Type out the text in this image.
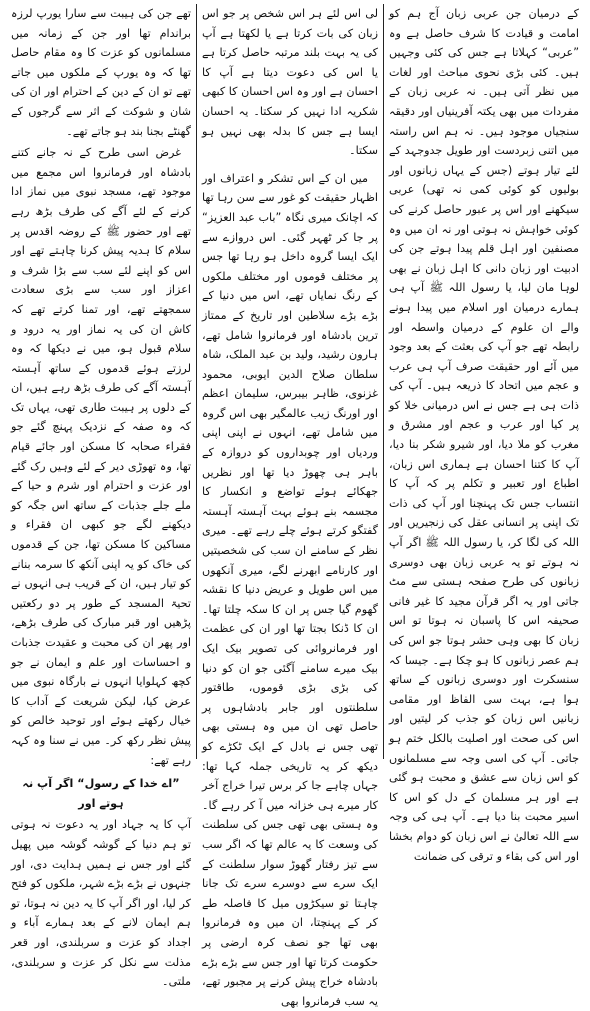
کے درمیان جن عربی زبان آج ہم کو امامت و قیادت کا شرف حاصل ہے وہ ”عربی“ کہلاتا ہے جس کی کئی وجہیں ہیں۔ کئی بڑی نحوی مباحث اور لغات میں نظر آتی ہیں۔ نہ عربی زبان کے مفردات میں بھی یکتہ آفرینیاں اور دقیقہ سنجیاں موجود ہیں۔ نہ ہم اس راستہ میں اتنی زبردست اور طویل جدوجہد کے لئے تیار ہوتے (جس کے یہاں زبانوں اور بولیوں کو کوئی کمی نہ تھی) عربی سیکھنے اور اس پر عبور حاصل کرنے کی کوئی خواہش نہ ہوتی اور نہ ان میں وہ مصنفین اور اہل قلم پیدا ہوتے جن کی ادبیت اور زبان دانی کا اہل زبان نے بھی لوہا مان لیا، یا رسول اللہ ﷺ آپ ہی ہمارے درمیان اور اسلام میں پیدا ہونے والے ان علوم کے درمیان واسطہ اور رابطہ تھے جو آپ کی بعثت کے بعد وجود میں آئے اور حقیقت صرف آپ ہی عرب و عجم میں اتحاد کا ذریعہ ہیں۔ آپ کی ذات ہی ہے جس نے اس درمیانی خلا کو پر کیا اور عرب و عجم اور مشرق و مغرب کو ملا دیا، اور شیرو شکر بنا دیا، آپ کا کتنا احسان ہے ہماری اس زبان، اطباع اور تعبیر و تکلم پر کہ آپ کا انتساب جس تک پہنچنا اور آپ کی ذات تک اپنی پر انسانی عقل کی زنجیریں اور اللہ کی لگا کر، یا رسول اللہ ﷺ اگر آپ نہ ہوتے تو یہ عربی زبان بھی دوسری زبانوں کی طرح صفحہ ہستی سے مٹ جاتی اور یہ اگر قرآن مجید کا غیر فانی صحیفہ اس کا پاسبان نہ ہوتا تو اس زبان کا بھی وہی حشر ہوتا جو اس کی ہم عصر زبانوں کا ہو چکا ہے۔ جیسا کہ سنسکرت اور دوسری زبانوں کے ساتھ ہوا ہے، بہت سی الفاظ اور مقامی زبانیں اس زبان کو جذب کر لیتیں اور اس کی صحت اور اصلیت بالکل ختم ہو جاتی۔ آپ کی اسی وجہ سے مسلمانوں کو اس زبان سے عشق و محبت ہو گئی ہے اور ہر مسلمان کے دل کو اس کا اسیر محبت بنا دیا ہے۔ آپ ہی کی وجہ سے اللہ تعالیٰ نے اس زبان کو دوام بخشا اور اس کی بقاء و ترقی کی ضمانت

لی اس لئے ہر اس شخص پر جو اس زبان کی بات کرتا ہے یا لکھتا ہے آپ کی یہ بہت بلند مرتبہ حاصل کرتا ہے یا اس کی دعوت دیتا ہے آپ کا احسان ہے اور وہ اس احسان کا کبھی شکریہ ادا نہیں کر سکتا۔ یہ احسان ایسا ہے جس کا بدلہ بھی نہیں ہو سکتا۔

میں ان کے اس تشکر و اعتراف اور اظہار حقیقت کو غور سے سن رہا تھا کہ اچانک میری نگاہ ”باب عبد العزیز“ پر جا کر ٹھہر گئی۔ اس دروازے سے ایک ایسا گروہ داخل ہو رہا تھا جس پر مختلف قوموں اور مختلف ملکوں کے رنگ نمایاں تھے، اس میں دنیا کے بڑے بڑے سلاطین اور تاریخ کے ممتاز ترین بادشاہ اور فرمانروا شامل تھے، ہارون رشید، ولید بن عبد الملک، شاہ سلطان صلاح الدین ایوبی، محمود غزنوی، ظاہر بیبرس، سلیمان اعظم اور اورنگ زیب عالمگیر بھی اس گروہ میں شامل تھے، انہوں نے اپنی اپنی وردیاں اور چوبداروں کو دروازہ کے باہر ہی چھوڑ دیا تھا اور نظریں جھکائے ہوئے تواضع و انکسار کا مجسمہ بنے ہوئے بہت آہستہ آہستہ گفتگو کرتے ہوئے چلے رہے تھے۔ میری نظر کے سامنے ان سب کی شخصیتیں اور کارنامے ابھرنے لگے، میری آنکھوں میں اس طویل و عریض دنیا کا نقشہ گھوم گیا جس پر ان کا سکہ چلتا تھا۔ ان کا ڈنکا بجتا تھا اور ان کی عظمت اور فرمانروائی کی تصویر بیک ایک بیک میرے سامنے آگئی جو ان کو دنیا کی بڑی بڑی قوموں، طاقتور سلطنتوں اور جابر بادشاہوں پر حاصل تھی ان میں وہ ہستی بھی تھی جس نے بادل کے ایک ٹکڑے کو دیکھ کر یہ تاریخی جملہ کہا تھا: جہاں چاہے جا کر برس تیرا خراج آخر کار میرے ہی خزانہ میں آ کر رہے گا۔ وہ ہستی بھی تھی جس کی سلطنت کی وسعت کا یہ عالم تھا کہ اگر سب سے تیز رفتار گھوڑ سوار سلطنت کے ایک سرے سے دوسرے سرے تک جانا چاہتا تو سیکڑوں میل کا فاصلہ طے کر کے پہنچتا، ان میں وہ فرمانروا بھی تھا جو نصف کرہ ارضی پر حکومت کرتا تھا اور جس سے بڑے بڑے بادشاہ خراج پیش کرنے پر مجبور تھے، یہ سب فرمانروا بھی

تھے جن کی ہیبت سے سارا یورپ لرزہ براندام تھا اور جن کے زمانہ میں مسلمانوں کو عزت کا وہ مقام حاصل تھا کہ وہ یورپ کے ملکوں میں جاتے تھے تو ان کے دین کے احترام اور ان کی شان و شوکت کے اثر سے گرجوں کے گھنٹے بجنا بند ہو جاتے تھے۔

غرض اسی طرح کے نہ جانے کتنے بادشاہ اور فرمانروا اس مجمع میں موجود تھے، مسجد نبوی میں نماز ادا کرنے کے لئے آگے کی طرف بڑھ رہے تھے اور حضور ﷺ کے روضہ اقدس پر سلام کا ہدیہ پیش کرنا چاہتے تھے اور اس کو اپنے لئے سب سے بڑا شرف و اعزاز اور سب سے بڑی سعادت سمجھتے تھے، اور تمنا کرتے تھے کہ کاش ان کی یہ نماز اور یہ درود و سلام قبول ہو، میں نے دیکھا کہ وہ لرزتے ہوئے قدموں کے ساتھ آہستہ آہستہ آگے کی طرف بڑھ رہے ہیں، ان کے دلوں پر ہیبت طاری تھی، یہاں تک کہ وہ صفہ کے نزدیک پہنچ گئے جو فقراء صحابہ کا مسکن اور جائے قیام تھا، وہ تھوڑی دیر کے لئے وہیں رک گئے اور عزت و احترام اور شرم و حیا کے ملے جلے جذبات کے ساتھ اس جگہ کو دیکھنے لگے جو کبھی ان فقراء و مساکین کا مسکن تھا، جن کے قدموں کی خاک کو یہ اپنی آنکھ کا سرمہ بنانے کو تیار ہیں، ان کے قریب ہی انہوں نے تحیۃ المسجد کے طور پر دو رکعتیں پڑھیں اور قبر مبارک کی طرف بڑھے، اور پھر ان کی محبت و عقیدت جذبات و احساسات اور علم و ایمان نے جو کچھ کہلوایا انہوں نے بارگاہ نبوی میں عرض کیا، لیکن شریعت کے آداب کا خیال رکھتے ہوئے اور توحید خالص کو پیش نظر رکھ کر۔ میں نے سنا وہ کہہ رہے تھے:

”اے خدا کے رسول“ اگر آپ نہ ہوتے اور

آپ کا یہ جہاد اور یہ دعوت نہ ہوتی تو ہم دنیا کے گوشہ گوشہ میں پھیل گئے اور جس نے ہمیں ہدایت دی، اور جنہوں نے بڑے بڑے شہر، ملکوں کو فتح کر لیا، اور اگر آپ کا یہ دین نہ ہوتا، تو ہم ایمان لانے کے بعد ہمارے آباء و اجداد کو عزت و سربلندی، اور قعر مذلت سے نکل کر عزت و سربلندی، ملتی۔
